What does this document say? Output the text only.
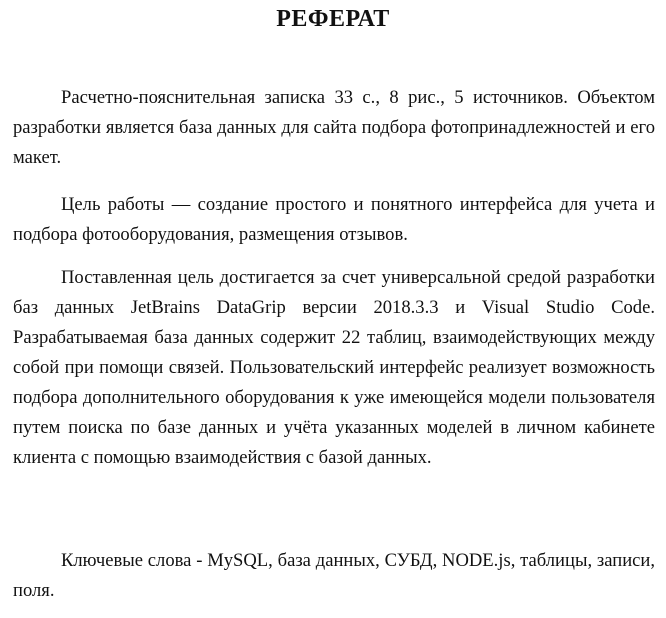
РЕФЕРАТ

Расчетно-пояснительная записка 33 с., 8 рис., 5 источников. Объектом разработки является база данных для сайта подбора фотопринадлежностей и его макет.

Цель работы — создание простого и понятного интерфейса для учета и подбора фотооборудования, размещения отзывов.

Поставленная цель достигается за счет универсальной средой разработки баз данных JetBrains DataGrip версии 2018.3.3 и Visual Studio Code. Разрабатываемая база данных содержит 22 таблиц, взаимодействующих между собой при помощи связей. Пользовательский интерфейс реализует возможность подбора дополнительного оборудования к уже имеющейся модели пользователя путем поиска по базе данных и учёта указанных моделей в личном кабинете клиента с помощью взаимодействия с базой данных.

Ключевые слова - MySQL, база данных, СУБД, NODE.js, таблицы, записи, поля.
